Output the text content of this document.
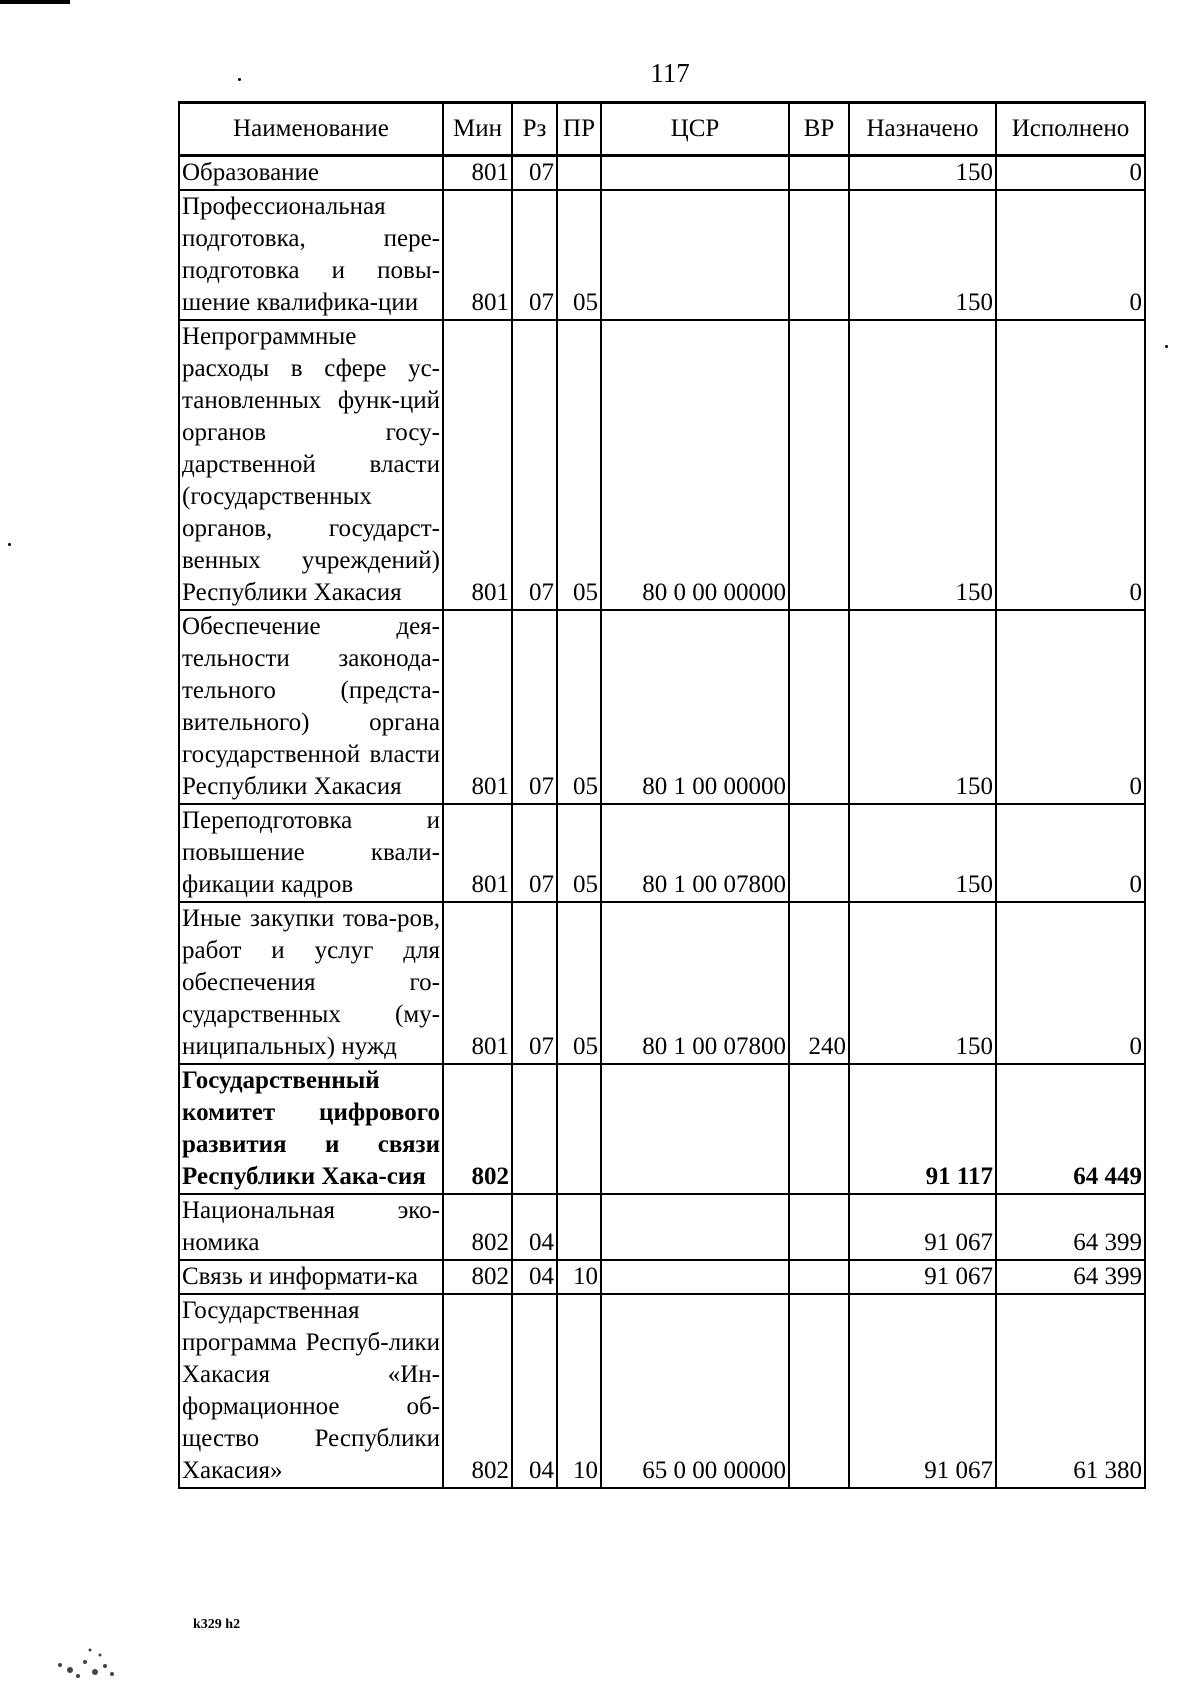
117
Наименование	Мин	Рз	ПР	ЦСР	ВР	Назначено	Исполнено
Образование	801	07				150	0
Профессиональная подготовка, пере-подготовка и повы-шение квалифика-ции	801	07	05			150	0
Непрограммные расходы в сфере ус-тановленных функ-ций органов госу-дарственной власти (государственных органов, государст-венных учреждений) Республики Хакасия	801	07	05	80 0 00 00000		150	0
Обеспечение дея-тельности законода-тельного (предста-вительного) органа государственной власти Республики Хакасия	801	07	05	80 1 00 00000		150	0
Переподготовка и повышение квали-фикации кадров	801	07	05	80 1 00 07800		150	0
Иные закупки това-ров, работ и услуг для обеспечения го-сударственных (му-ниципальных) нужд	801	07	05	80 1 00 07800	240	150	0
Государственный комитет цифрового развития и связи Республики Хака-сия	802					91 117	64 449
Национальная эко-номика	802	04				91 067	64 399
Связь и информати-ка	802	04	10			91 067	64 399
Государственная программа Респуб-лики Хакасия «Ин-формационное об-щество Республики Хакасия»	802	04	10	65 0 00 00000		91 067	61 380
k329 h2
